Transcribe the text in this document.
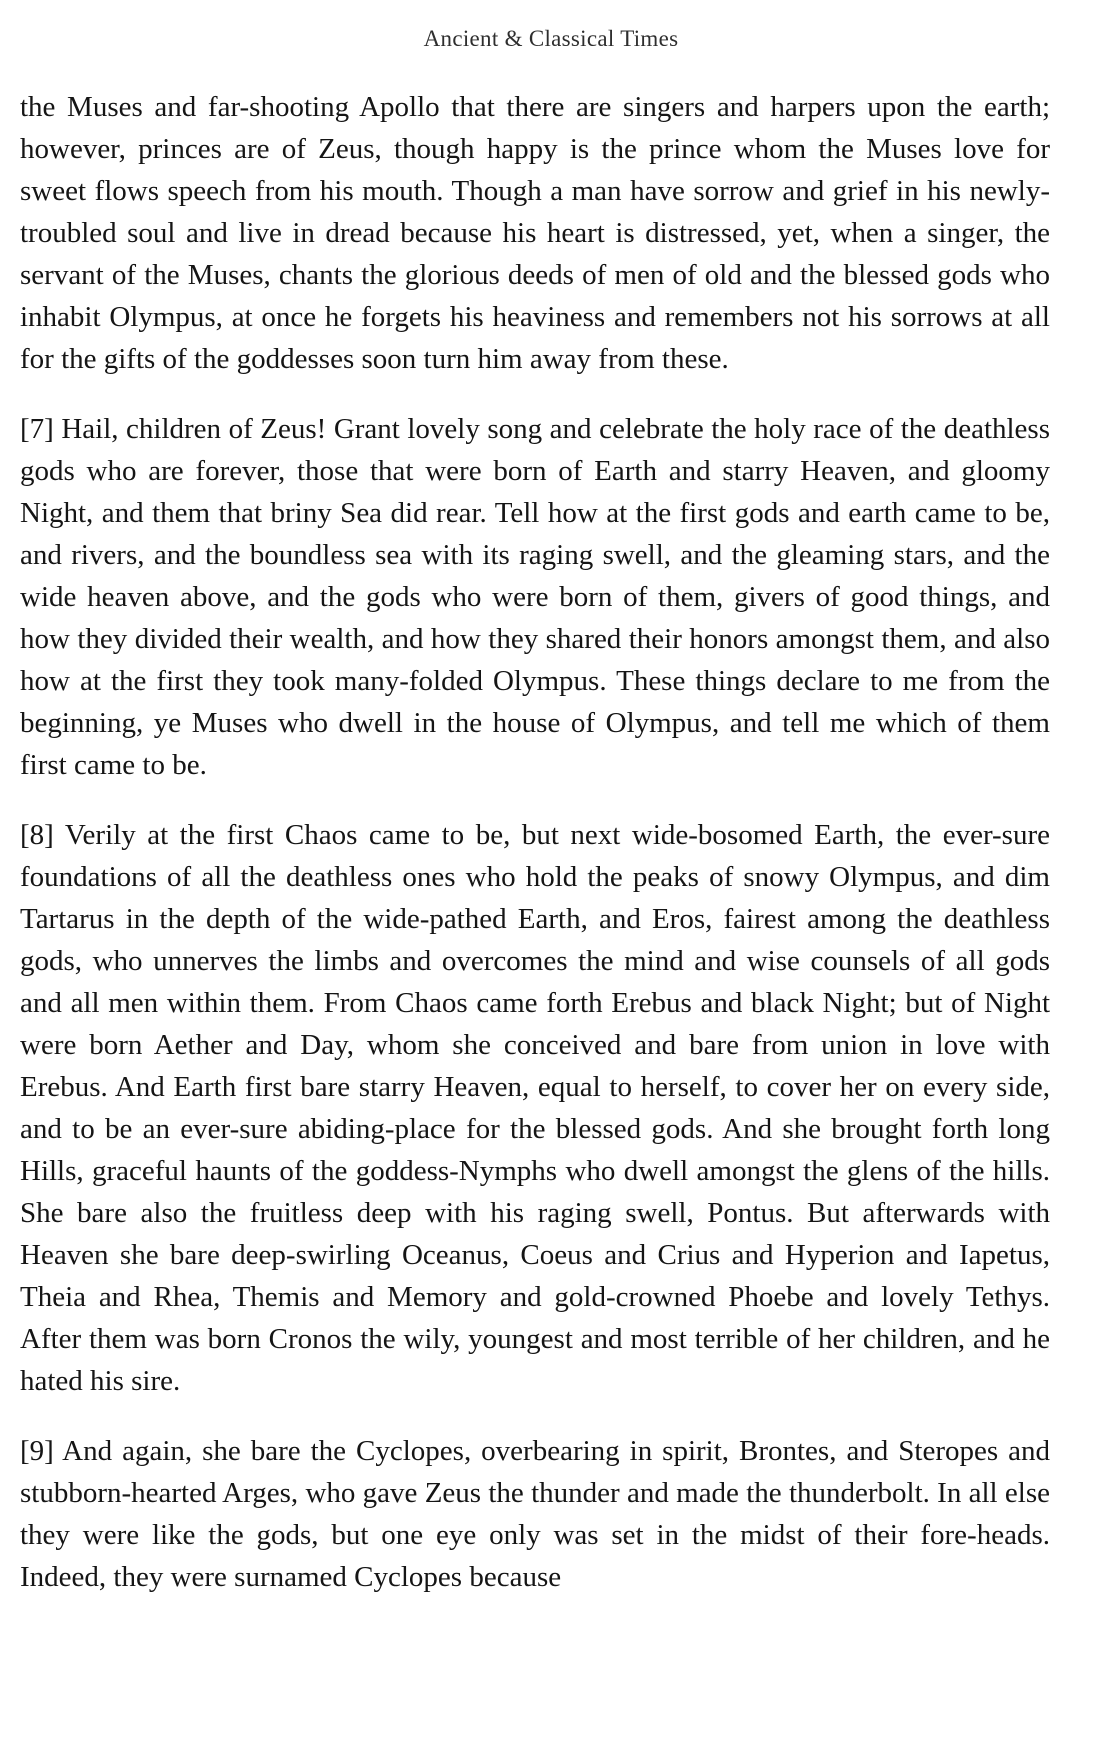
Ancient & Classical Times

the Muses and far-shooting Apollo that there are singers and harpers upon the earth; however, princes are of Zeus, though happy is the prince whom the Muses love for sweet flows speech from his mouth. Though a man have sorrow and grief in his newly-troubled soul and live in dread because his heart is distressed, yet, when a singer, the servant of the Muses, chants the glorious deeds of men of old and the blessed gods who inhabit Olympus, at once he forgets his heaviness and remembers not his sorrows at all for the gifts of the goddesses soon turn him away from these.

[7] Hail, children of Zeus! Grant lovely song and celebrate the holy race of the deathless gods who are forever, those that were born of Earth and starry Heaven, and gloomy Night, and them that briny Sea did rear. Tell how at the first gods and earth came to be, and rivers, and the boundless sea with its raging swell, and the gleaming stars, and the wide heaven above, and the gods who were born of them, givers of good things, and how they divided their wealth, and how they shared their honors amongst them, and also how at the first they took many-folded Olympus. These things declare to me from the beginning, ye Muses who dwell in the house of Olympus, and tell me which of them first came to be.

[8] Verily at the first Chaos came to be, but next wide-bosomed Earth, the ever-sure foundations of all the deathless ones who hold the peaks of snowy Olympus, and dim Tartarus in the depth of the wide-pathed Earth, and Eros, fairest among the deathless gods, who unnerves the limbs and overcomes the mind and wise counsels of all gods and all men within them. From Chaos came forth Erebus and black Night; but of Night were born Aether and Day, whom she conceived and bare from union in love with Erebus. And Earth first bare starry Heaven, equal to herself, to cover her on every side, and to be an ever-sure abiding-place for the blessed gods. And she brought forth long Hills, graceful haunts of the goddess-Nymphs who dwell amongst the glens of the hills. She bare also the fruitless deep with his raging swell, Pontus. But afterwards with Heaven she bare deep-swirling Oceanus, Coeus and Crius and Hyperion and Iapetus, Theia and Rhea, Themis and Memory and gold-crowned Phoebe and lovely Tethys. After them was born Cronos the wily, youngest and most terrible of her children, and he hated his sire.

[9] And again, she bare the Cyclopes, overbearing in spirit, Brontes, and Steropes and stubborn-hearted Arges, who gave Zeus the thunder and made the thunderbolt. In all else they were like the gods, but one eye only was set in the midst of their fore-heads. Indeed, they were surnamed Cyclopes because
